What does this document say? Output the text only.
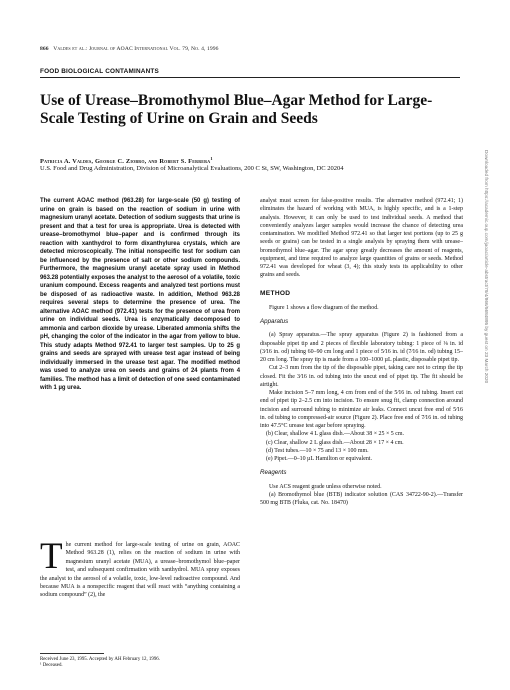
866 Valdes et al.: Journal of AOAC International Vol. 79, No. 4, 1996
FOOD BIOLOGICAL CONTAMINANTS
Use of Urease–Bromothymol Blue–Agar Method for Large-Scale Testing of Urine on Grain and Seeds
Patricia A. Valdes, George C. Ziobro, and Robert S. Ferrera$^1$
U.S. Food and Drug Administration, Division of Microanalytical Evaluations, 200 C St, SW, Washington, DC 20204

The current AOAC method (963.28) for large-scale (50 g) testing of urine on grain is based on the reaction of sodium in urine with magnesium uranyl acetate. Detection of sodium suggests that urine is present and that a test for urea is appropriate. Urea is detected with urease–bromothymol blue–paper and is confirmed through its reaction with xanthydrol to form dixanthylurea crystals, which are detected microscopically. The initial nonspecific test for sodium can be influenced by the presence of salt or other sodium compounds. Furthermore, the magnesium uranyl acetate spray used in Method 963.28 potentially exposes the analyst to the aerosol of a volatile, toxic uranium compound. Excess reagents and analyzed test portions must be disposed of as radioactive waste. In addition, Method 963.28 requires several steps to determine the presence of urea. The alternative AOAC method (972.41) tests for the presence of urea from urine on individual seeds. Urea is enzymatically decomposed to ammonia and carbon dioxide by urease. Liberated ammonia shifts the pH, changing the color of the indicator in the agar from yellow to blue. This study adapts Method 972.41 to larger test samples. Up to 25 g grains and seeds are sprayed with urease test agar instead of being individually immersed in the urease test agar. The modified method was used to analyze urea on seeds and grains of 24 plants from 4 families. The method has a limit of detection of one seed contaminated with 1 µg urea.

The current method for large-scale testing of urine on grain, AOAC Method 963.28 (1), relies on the reaction of sodium in urine with magnesium uranyl acetate (MUA), a urease–bromothymol blue–paper test, and subsequent confirmation with xanthydrol. MUA spray exposes the analyst to the aerosol of a volatile, toxic, low-level radioactive compound. And because MUA is a nonspecific reagent that will react with “anything containing a sodium compound” (2), the
Received June 23, 1995. Accepted by AH February 12, 1996.
¹ Deceased.

analyst must screen for false-positive results. The alternative method (972.41; 1) eliminates the hazard of working with MUA, is highly specific, and is a 1-step analysis. However, it can only be used to test individual seeds. A method that conveniently analyzes larger samples would increase the chance of detecting urea contamination. We modified Method 972.41 so that larger test portions (up to 25 g seeds or grains) can be tested in a single analysis by spraying them with urease–bromothymol blue–agar. The agar spray greatly decreases the amount of reagents, equipment, and time required to analyze large quantities of grains or seeds. Method 972.41 was developed for wheat (3, 4); this study tests its applicability to other grains and seeds.

METHOD

Figure 1 shows a flow diagram of the method.

Apparatus

(a) Spray apparatus.—The spray apparatus (Figure 2) is fashioned from a disposable pipet tip and 2 pieces of flexible laboratory tubing: 1 piece of ⅛ in. id (3⁄16 in. od) tubing 60–90 cm long and 1 piece of 5⁄16 in. id (7⁄16 in. od) tubing 15–20 cm long. The spray tip is made from a 100–1000 µL plastic, disposable pipet tip.

Cut 2–3 mm from the tip of the disposable pipet, taking care not to crimp the tip closed. Fit the 3⁄16 in. od tubing into the uncut end of pipet tip. The fit should be airtight.

Make incision 5–7 mm long, 4 cm from end of the 5⁄16 in. od tubing. Insert cut end of pipet tip 2–2.5 cm into incision. To ensure snug fit, clamp connection around incision and surround tubing to minimize air leaks. Connect uncut free end of 5⁄16 in. od tubing to compressed-air source (Figure 2). Place free end of 7⁄16 in. od tubing into 47.5°C urease test agar before spraying.

(b) Clear, shallow 4 L glass dish.—About 38 × 25 × 5 cm.

(c) Clear, shallow 2 L glass dish.—About 28 × 17 × 4 cm.

(d) Test tubes.—10 × 75 and 13 × 100 mm.

(e) Pipet.—0–10 µL Hamilton or equivalent.

Reagents

Use ACS reagent grade unless otherwise noted.

(a) Bromothymol blue (BTB) indicator solution (CAS 34722-90-2).—Transfer 500 mg BTB (Fluka, cat. No. 18470)

Downloaded from https://academic.oup.com/jaoac/article-abstract/79/4/866/5684895 by guest on 23 March 2020
